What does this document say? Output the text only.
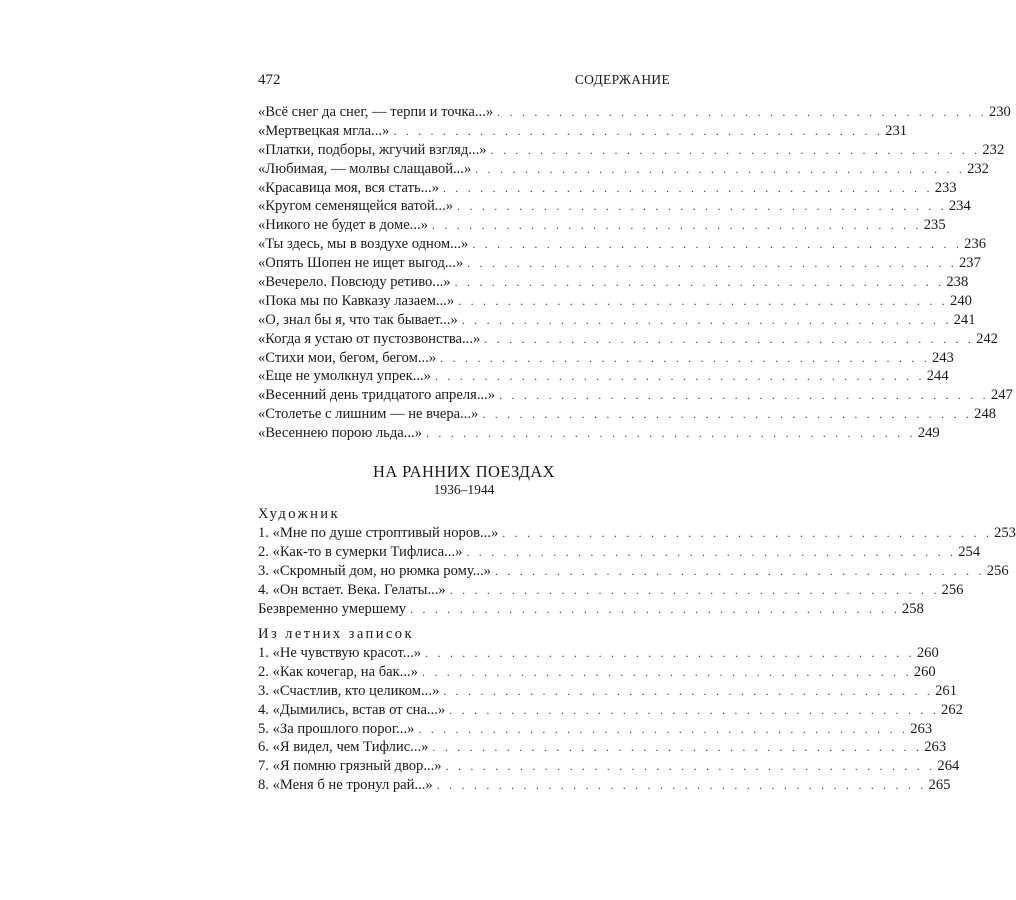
472	СОДЕРЖАНИЕ
«Всё снег да снег, — терпи и точка...» . . . . . . . . . . . . . . . . . . . . . . . . . . . . . . . . . . . . . . . . 230
«Мертвецкая мгла...» . . . . . . . . . . . . . . . . . . . . . . . . . . . . . . . . . . . . . . . . 231
«Платки, подборы, жгучий взгляд...» . . . . . . . . . . . . . . . . . . . . . . . . . . . . . . . . . . . . . . . . 232
«Любимая, — молвы слащавой...» . . . . . . . . . . . . . . . . . . . . . . . . . . . . . . . . . . . . . . . . 232
«Красавица моя, вся стать...» . . . . . . . . . . . . . . . . . . . . . . . . . . . . . . . . . . . . . . . . 233
«Кругом семенящейся ватой...» . . . . . . . . . . . . . . . . . . . . . . . . . . . . . . . . . . . . . . . . 234
«Никого не будет в доме...» . . . . . . . . . . . . . . . . . . . . . . . . . . . . . . . . . . . . . . . . 235
«Ты здесь, мы в воздухе одном...» . . . . . . . . . . . . . . . . . . . . . . . . . . . . . . . . . . . . . . . . 236
«Опять Шопен не ищет выгод...» . . . . . . . . . . . . . . . . . . . . . . . . . . . . . . . . . . . . . . . . 237
«Вечерело. Повсюду ретиво...» . . . . . . . . . . . . . . . . . . . . . . . . . . . . . . . . . . . . . . . . 238
«Пока мы по Кавказу лазаем...» . . . . . . . . . . . . . . . . . . . . . . . . . . . . . . . . . . . . . . . . 240
«О, знал бы я, что так бывает...» . . . . . . . . . . . . . . . . . . . . . . . . . . . . . . . . . . . . . . . . 241
«Когда я устаю от пустозвонства...» . . . . . . . . . . . . . . . . . . . . . . . . . . . . . . . . . . . . . . . . 242
«Стихи мои, бегом, бегом...» . . . . . . . . . . . . . . . . . . . . . . . . . . . . . . . . . . . . . . . . 243
«Еще не умолкнул упрек...» . . . . . . . . . . . . . . . . . . . . . . . . . . . . . . . . . . . . . . . . 244
«Весенний день тридцатого апреля...» . . . . . . . . . . . . . . . . . . . . . . . . . . . . . . . . . . . . . . . . 247
«Столетье с лишним — не вчера...» . . . . . . . . . . . . . . . . . . . . . . . . . . . . . . . . . . . . . . . . 248
«Весеннею порою льда...» . . . . . . . . . . . . . . . . . . . . . . . . . . . . . . . . . . . . . . . . 249
НА РАННИХ ПОЕЗДАХ
1936–1944
Художник
1. «Мне по душе строптивый норов...» . . . . . . . . . . . . . . . . . . . . . . . . . . . . . . . . . . . . . . . . 253
2. «Как-то в сумерки Тифлиса...» . . . . . . . . . . . . . . . . . . . . . . . . . . . . . . . . . . . . . . . . 254
3. «Скромный дом, но рюмка рому...» . . . . . . . . . . . . . . . . . . . . . . . . . . . . . . . . . . . . . . . . 256
4. «Он встает. Века. Гелаты...» . . . . . . . . . . . . . . . . . . . . . . . . . . . . . . . . . . . . . . . . 256
Безвременно умершему . . . . . . . . . . . . . . . . . . . . . . . . . . . . . . . . . . . . . . . . 258
Из летних записок
1. «Не чувствую красот...» . . . . . . . . . . . . . . . . . . . . . . . . . . . . . . . . . . . . . . . . 260
2. «Как кочегар, на бак...» . . . . . . . . . . . . . . . . . . . . . . . . . . . . . . . . . . . . . . . . 260
3. «Счастлив, кто целиком...» . . . . . . . . . . . . . . . . . . . . . . . . . . . . . . . . . . . . . . . . 261
4. «Дымились, встав от сна...» . . . . . . . . . . . . . . . . . . . . . . . . . . . . . . . . . . . . . . . . 262
5. «За прошлого порог...» . . . . . . . . . . . . . . . . . . . . . . . . . . . . . . . . . . . . . . . . 263
6. «Я видел, чем Тифлис...» . . . . . . . . . . . . . . . . . . . . . . . . . . . . . . . . . . . . . . . . 263
7. «Я помню грязный двор...» . . . . . . . . . . . . . . . . . . . . . . . . . . . . . . . . . . . . . . . . 264
8. «Меня б не тронул рай...» . . . . . . . . . . . . . . . . . . . . . . . . . . . . . . . . . . . . . . . . 265
